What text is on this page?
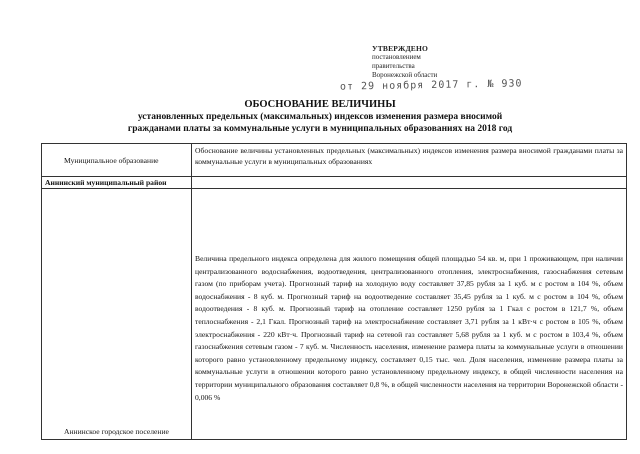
УТВЕРЖДЕНО
постановлением
правительства
Воронежской области
от 29 ноября 2017 г. № 930
ОБОСНОВАНИЕ ВЕЛИЧИНЫ
установленных предельных (максимальных) индексов изменения размера вносимой
гражданами платы за коммунальные услуги в муниципальных образованиях на 2018 год
Муниципальное образование	Обоснование величины установленных предельных (максимальных) индексов изменения размера вносимой гражданами платы за коммунальные услуги в муниципальных образованиях
Аннинский муниципальный район	

Аннинское городское поселение	Величина предельного индекса определена для жилого помещения общей площадью 54 кв. м, при 1 проживающем, при наличии централизованного водоснабжения, водоотведения, централизованного отопления, электроснабжения, газоснабжения сетевым газом (по приборам учета). Прогнозный тариф на холодную воду составляет 37,85 рубля за 1 куб. м с ростом в 104 %, объем водоснабжения - 8 куб. м. Прогнозный тариф на водоотведение составляет 35,45 рубля за 1 куб. м с ростом в 104 %, объем водоотведения - 8 куб. м. Прогнозный тариф на отопление составляет 1250 рубля за 1 Гкал с ростом в 121,7 %, объем теплоснабжения - 2,1 Гкал. Прогнозный тариф на электроснабжение составляет 3,71 рубля за 1 кВт·ч с ростом в 105 %, объем электроснабжения - 220 кВт·ч. Прогнозный тариф на сетевой газ составляет 5,68 рубля за 1 куб. м с ростом в 103,4 %, объем газоснабжения сетевым газом - 7 куб. м. Численность населения, изменение размера платы за коммунальные услуги в отношении которого равно установленному предельному индексу, составляет 0,15 тыс. чел. Доля населения, изменение размера платы за коммунальные услуги в отношении которого равно установленному предельному индексу, в общей численности населения на территории муниципального образования составляет 0,8 %, в общей численности населения на территории Воронежской области - 0,006 %
